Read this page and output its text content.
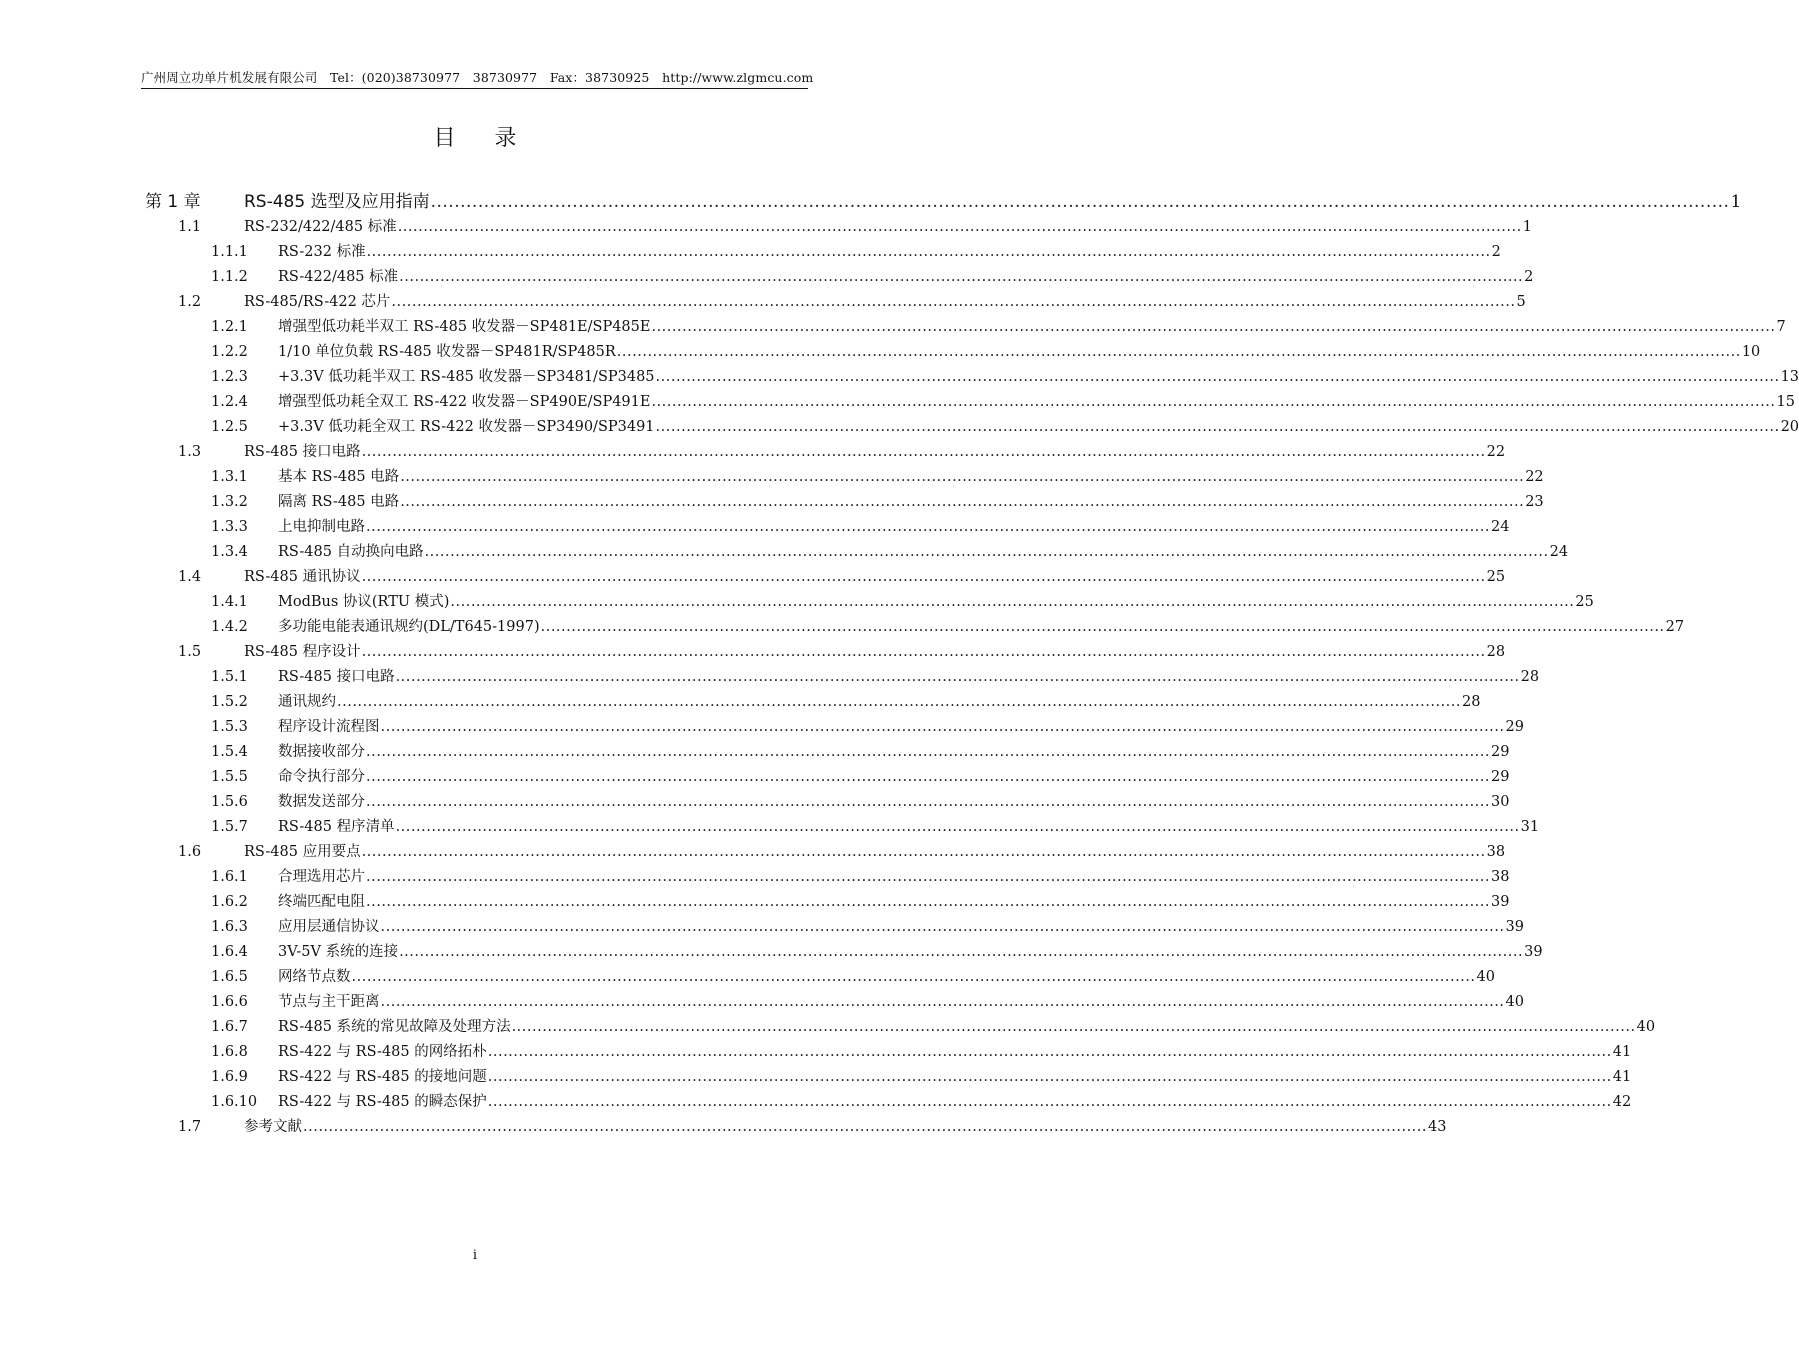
广州周立功单片机发展有限公司　Tel：(020)38730977　38730977　Fax：38730925　http://www.zlgmcu.com
目 录
第 1 章	RS-485 选型及应用指南 ............................................................................................................................................................................................................................ 1
1.1	RS-232/422/485 标准 ............................................................................................................................................................................................................................ 1
1.1.1 RS-232 标准 ............................................................................................................................................................................................................................ 2
1.1.2 RS-422/485 标准 ............................................................................................................................................................................................................................ 2
1.2	RS-485/RS-422 芯片 ............................................................................................................................................................................................................................ 5
1.2.1 增强型低功耗半双工 RS-485 收发器－SP481E/SP485E ............................................................................................................................................................................................................................ 7
1.2.2 1/10 单位负载 RS-485 收发器－SP481R/SP485R ............................................................................................................................................................................................................................ 10
1.2.3 +3.3V 低功耗半双工 RS-485 收发器－SP3481/SP3485 ............................................................................................................................................................................................................................ 13
1.2.4 增强型低功耗全双工 RS-422 收发器－SP490E/SP491E ............................................................................................................................................................................................................................ 15
1.2.5 +3.3V 低功耗全双工 RS-422 收发器－SP3490/SP3491 ............................................................................................................................................................................................................................ 20
1.3	RS-485 接口电路 ............................................................................................................................................................................................................................ 22
1.3.1 基本 RS-485 电路 ............................................................................................................................................................................................................................ 22
1.3.2 隔离 RS-485 电路 ............................................................................................................................................................................................................................ 23
1.3.3 上电抑制电路 ............................................................................................................................................................................................................................ 24
1.3.4 RS-485 自动换向电路 ............................................................................................................................................................................................................................ 24
1.4	RS-485 通讯协议 ............................................................................................................................................................................................................................ 25
1.4.1 ModBus 协议(RTU 模式) ............................................................................................................................................................................................................................ 25
1.4.2 多功能电能表通讯规约(DL/T645-1997) ............................................................................................................................................................................................................................ 27
1.5	RS-485 程序设计 ............................................................................................................................................................................................................................ 28
1.5.1 RS-485 接口电路 ............................................................................................................................................................................................................................ 28
1.5.2 通讯规约 ............................................................................................................................................................................................................................ 28
1.5.3 程序设计流程图 ............................................................................................................................................................................................................................ 29
1.5.4 数据接收部分 ............................................................................................................................................................................................................................ 29
1.5.5 命令执行部分 ............................................................................................................................................................................................................................ 29
1.5.6 数据发送部分 ............................................................................................................................................................................................................................ 30
1.5.7 RS-485 程序清单 ............................................................................................................................................................................................................................ 31
1.6	RS-485 应用要点 ............................................................................................................................................................................................................................ 38
1.6.1 合理选用芯片 ............................................................................................................................................................................................................................ 38
1.6.2 终端匹配电阻 ............................................................................................................................................................................................................................ 39
1.6.3 应用层通信协议 ............................................................................................................................................................................................................................ 39
1.6.4 3V-5V 系统的连接 ............................................................................................................................................................................................................................ 39
1.6.5 网络节点数 ............................................................................................................................................................................................................................ 40
1.6.6 节点与主干距离 ............................................................................................................................................................................................................................ 40
1.6.7 RS-485 系统的常见故障及处理方法 ............................................................................................................................................................................................................................ 40
1.6.8 RS-422 与 RS-485 的网络拓朴 ............................................................................................................................................................................................................................ 41
1.6.9 RS-422 与 RS-485 的接地问题 ............................................................................................................................................................................................................................ 41
1.6.10 RS-422 与 RS-485 的瞬态保护 ............................................................................................................................................................................................................................ 42
1.7	参考文献 ............................................................................................................................................................................................................................ 43
i
